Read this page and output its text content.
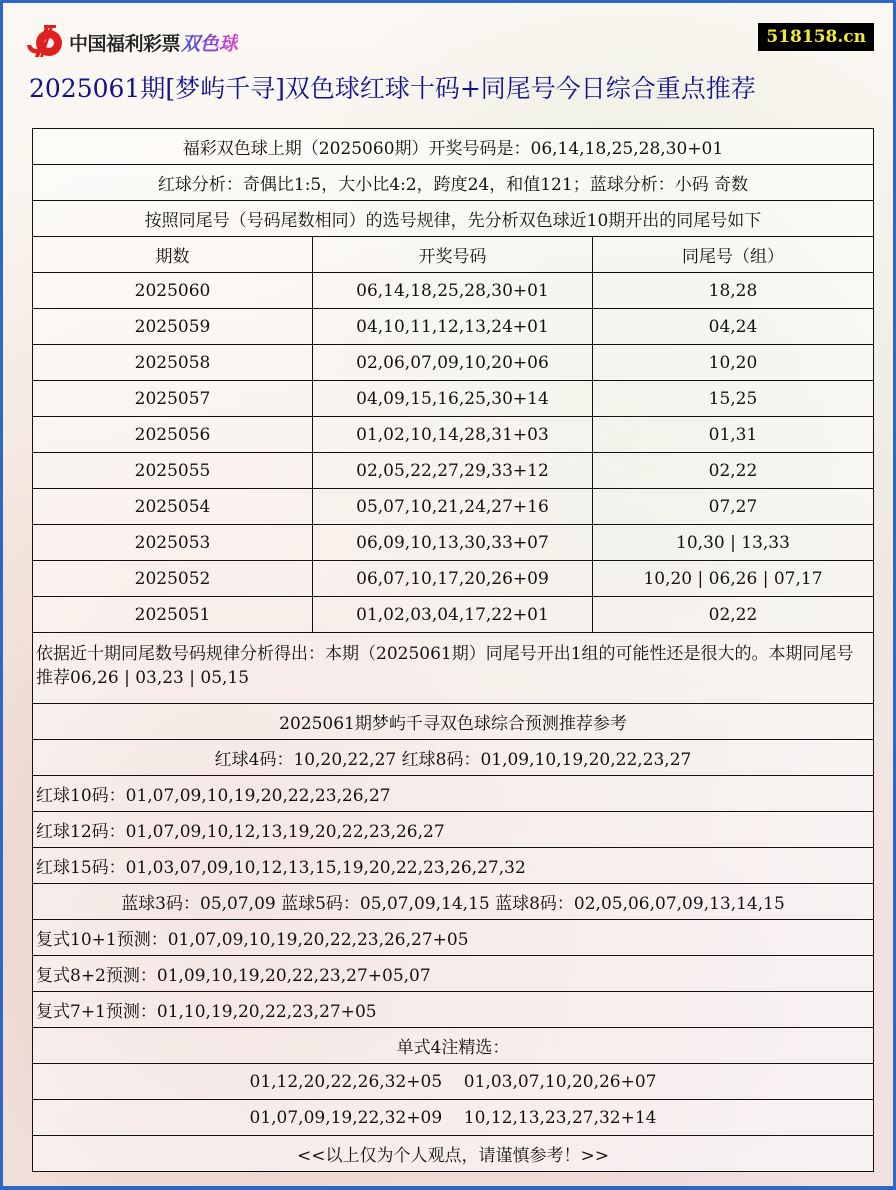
中国福利彩票 双色球	518158.cn
2025061期[梦屿千寻]双色球红球十码+同尾号今日综合重点推荐
福彩双色球上期（2025060期）开奖号码是：06,14,18,25,28,30+01		
红球分析：奇偶比1:5，大小比4:2，跨度24，和值121；蓝球分析：小码 奇数		
按照同尾号（号码尾数相同）的选号规律，先分析双色球近10期开出的同尾号如下		
期数	开奖号码	同尾号（组）
2025060	06,14,18,25,28,30+01	18,28
2025059	04,10,11,12,13,24+01	04,24
2025058	02,06,07,09,10,20+06	10,20
2025057	04,09,15,16,25,30+14	15,25
2025056	01,02,10,14,28,31+03	01,31
2025055	02,05,22,27,29,33+12	02,22
2025054	05,07,10,21,24,27+16	07,27
2025053	06,09,10,13,30,33+07	10,30 | 13,33
2025052	06,07,10,17,20,26+09	10,20 | 06,26 | 07,17
2025051	01,02,03,04,17,22+01	02,22
依据近十期同尾数号码规律分析得出：本期（2025061期）同尾号开出1组的可能性还是很大的。本期同尾号推荐06,26 | 03,23 | 05,15		
2025061期梦屿千寻双色球综合预测推荐参考		
红球4码：10,20,22,27 红球8码：01,09,10,19,20,22,23,27		
红球10码：01,07,09,10,19,20,22,23,26,27		
红球12码：01,07,09,10,12,13,19,20,22,23,26,27		
红球15码：01,03,07,09,10,12,13,15,19,20,22,23,26,27,32		
蓝球3码：05,07,09 蓝球5码：05,07,09,14,15 蓝球8码：02,05,06,07,09,13,14,15		
复式10+1预测：01,07,09,10,19,20,22,23,26,27+05		
复式8+2预测：01,09,10,19,20,22,23,27+05,07		
复式7+1预测：01,10,19,20,22,23,27+05		
单式4注精选：		
01,12,20,22,26,32+05    01,03,07,10,20,26+07		
01,07,09,19,22,32+09    10,12,13,23,27,32+14		
<<以上仅为个人观点，请谨慎参考！>>		
